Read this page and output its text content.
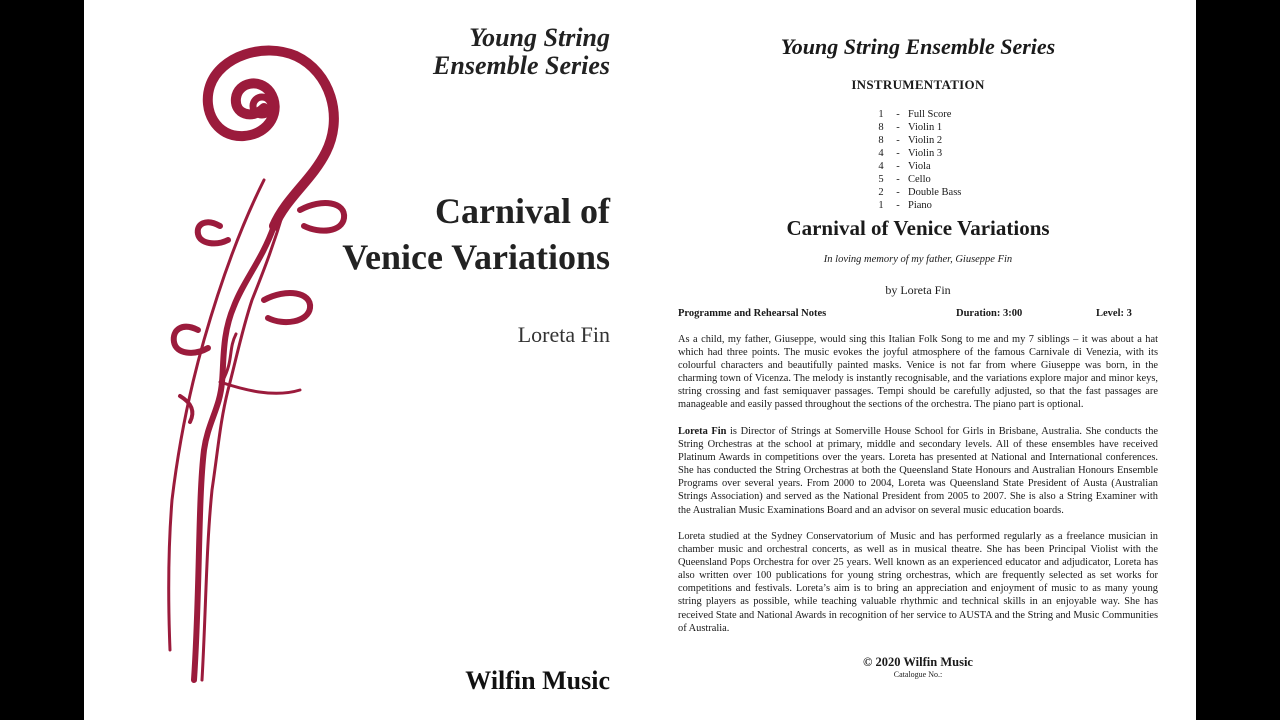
Young String
Ensemble Series
Carnival of
Venice Variations
Loreta Fin
Wilfin Music
Young String Ensemble Series
INSTRUMENTATION
1 - Full Score
8 - Violin 1
8 - Violin 2
4 - Violin 3
4 - Viola
5 - Cello
2 - Double Bass
1 - Piano
Carnival of Venice Variations
In loving memory of my father, Giuseppe Fin
by Loreta Fin
Programme and Rehearsal Notes	Duration: 3:00	Level: 3
As a child, my father, Giuseppe, would sing this Italian Folk Song to me and my 7 siblings – it was about a hat which had three points. The music evokes the joyful atmosphere of the famous Carnivale di Venezia, with its colourful characters and beautifully painted masks. Venice is not far from where Giuseppe was born, in the charming town of Vicenza. The melody is instantly recognisable, and the variations explore major and minor keys, string crossing and fast semiquaver passages. Tempi should be carefully adjusted, so that the fast passages are manageable and easily passed throughout the sections of the orchestra. The piano part is optional.
Loreta Fin is Director of Strings at Somerville House School for Girls in Brisbane, Australia. She conducts the String Orchestras at the school at primary, middle and secondary levels. All of these ensembles have received Platinum Awards in competitions over the years. Loreta has presented at National and International conferences. She has conducted the String Orchestras at both the Queensland State Honours and Australian Honours Ensemble Programs over several years. From 2000 to 2004, Loreta was Queensland State President of Austa (Australian Strings Association) and served as the National President from 2005 to 2007. She is also a String Examiner with the Australian Music Examinations Board and an advisor on several music education boards.
Loreta studied at the Sydney Conservatorium of Music and has performed regularly as a freelance musician in chamber music and orchestral concerts, as well as in musical theatre. She has been Principal Violist with the Queensland Pops Orchestra for over 25 years. Well known as an experienced educator and adjudicator, Loreta has also written over 100 publications for young string orchestras, which are frequently selected as set works for competitions and festivals. Loreta’s aim is to bring an appreciation and enjoyment of music to as many young string players as possible, while teaching valuable rhythmic and technical skills in an enjoyable way. She has received State and National Awards in recognition of her service to AUSTA and the String and Music Communities of Australia.
© 2020 Wilfin Music
Catalogue No.:
